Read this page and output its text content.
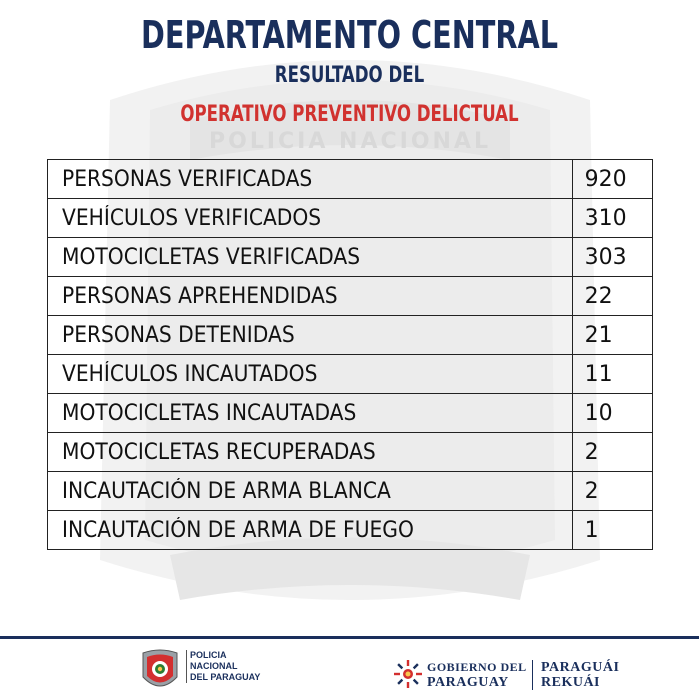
POLICIA NACIONAL
DEPARTAMENTO CENTRAL
RESULTADO DEL
OPERATIVO PREVENTIVO DELICTUAL
PERSONAS VERIFICADAS	920
VEHÍCULOS VERIFICADOS	310
MOTOCICLETAS VERIFICADAS	303
PERSONAS APREHENDIDAS	22
PERSONAS DETENIDAS	21
VEHÍCULOS INCAUTADOS	11
MOTOCICLETAS INCAUTADAS	10
MOTOCICLETAS RECUPERADAS	2
INCAUTACIÓN DE ARMA BLANCA	2
INCAUTACIÓN DE ARMA DE FUEGO	1
POLICIA
NACIONAL
DEL PARAGUAY
GOBIERNO DEL
PARAGUAY
PARAGUÁI
REKUÁI
